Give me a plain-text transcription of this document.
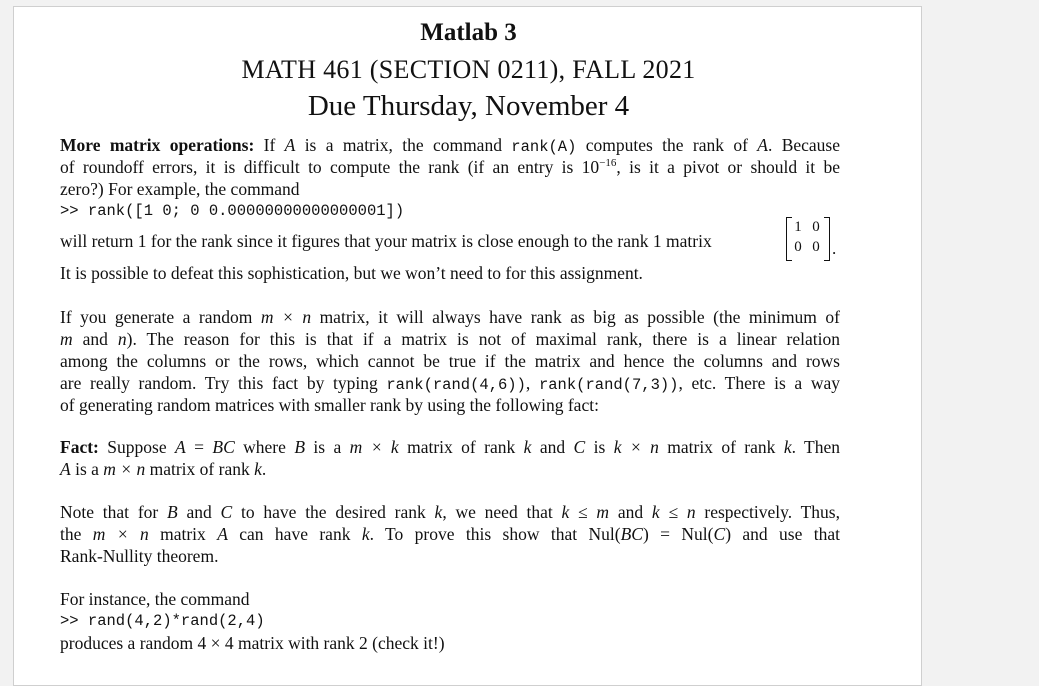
Matlab 3
MATH 461 (SECTION 0211), FALL 2021
Due Thursday, November 4
More matrix operations: If A is a matrix, the command rank(A) computes the rank of A. Because
of roundoff errors, it is difficult to compute the rank (if an entry is $10^{-16}$, is it a pivot or should it be
zero?) For example, the command
>> rank([1 0; 0 0.00000000000000001])
will return 1 for the rank since it figures that your matrix is close enough to the rank 1 matrix
1 0
0 0 .
It is possible to defeat this sophistication, but we won’t need to for this assignment.
If you generate a random m × n matrix, it will always have rank as big as possible (the minimum of
m and n). The reason for this is that if a matrix is not of maximal rank, there is a linear relation
among the columns or the rows, which cannot be true if the matrix and hence the columns and rows
are really random. Try this fact by typing rank(rand(4,6)), rank(rand(7,3)), etc. There is a way
of generating random matrices with smaller rank by using the following fact:
Fact: Suppose A = BC where B is a m × k matrix of rank k and C is k × n matrix of rank k. Then
A is a m × n matrix of rank k.
Note that for B and C to have the desired rank k, we need that k ≤ m and k ≤ n respectively. Thus,
the m × n matrix A can have rank k. To prove this show that Nul(BC) = Nul(C) and use that
Rank-Nullity theorem.
For instance, the command
>> rand(4,2)*rand(2,4)
produces a random 4 × 4 matrix with rank 2 (check it!)
